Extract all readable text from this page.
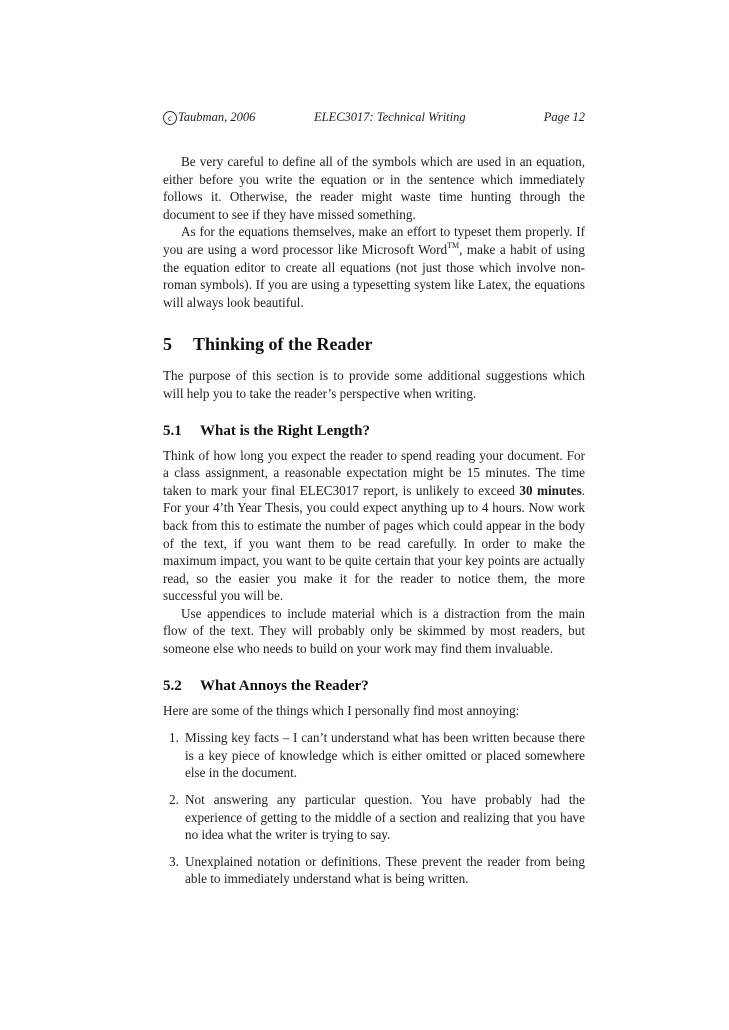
c Taubman, 2006	ELEC3017: Technical Writing	Page 12

Be very careful to define all of the symbols which are used in an equation, either before you write the equation or in the sentence which immediately follows it. Otherwise, the reader might waste time hunting through the document to see if they have missed something.

As for the equations themselves, make an effort to typeset them properly. If you are using a word processor like Microsoft Word™, make a habit of using the equation editor to create all equations (not just those which involve non-roman symbols). If you are using a typesetting system like Latex, the equations will always look beautiful.

5 Thinking of the Reader

The purpose of this section is to provide some additional suggestions which will help you to take the reader’s perspective when writing.

5.1 What is the Right Length?

Think of how long you expect the reader to spend reading your document. For a class assignment, a reasonable expectation might be 15 minutes. The time taken to mark your final ELEC3017 report, is unlikely to exceed 30 minutes. For your 4’th Year Thesis, you could expect anything up to 4 hours. Now work back from this to estimate the number of pages which could appear in the body of the text, if you want them to be read carefully. In order to make the maximum impact, you want to be quite certain that your key points are actually read, so the easier you make it for the reader to notice them, the more successful you will be.

Use appendices to include material which is a distraction from the main flow of the text. They will probably only be skimmed by most readers, but someone else who needs to build on your work may find them invaluable.

5.2 What Annoys the Reader?

Here are some of the things which I personally find most annoying:

1. Missing key facts – I can’t understand what has been written because there is a key piece of knowledge which is either omitted or placed somewhere else in the document.
2. Not answering any particular question. You have probably had the experience of getting to the middle of a section and realizing that you have no idea what the writer is trying to say.
3. Unexplained notation or definitions. These prevent the reader from being able to immediately understand what is being written.
